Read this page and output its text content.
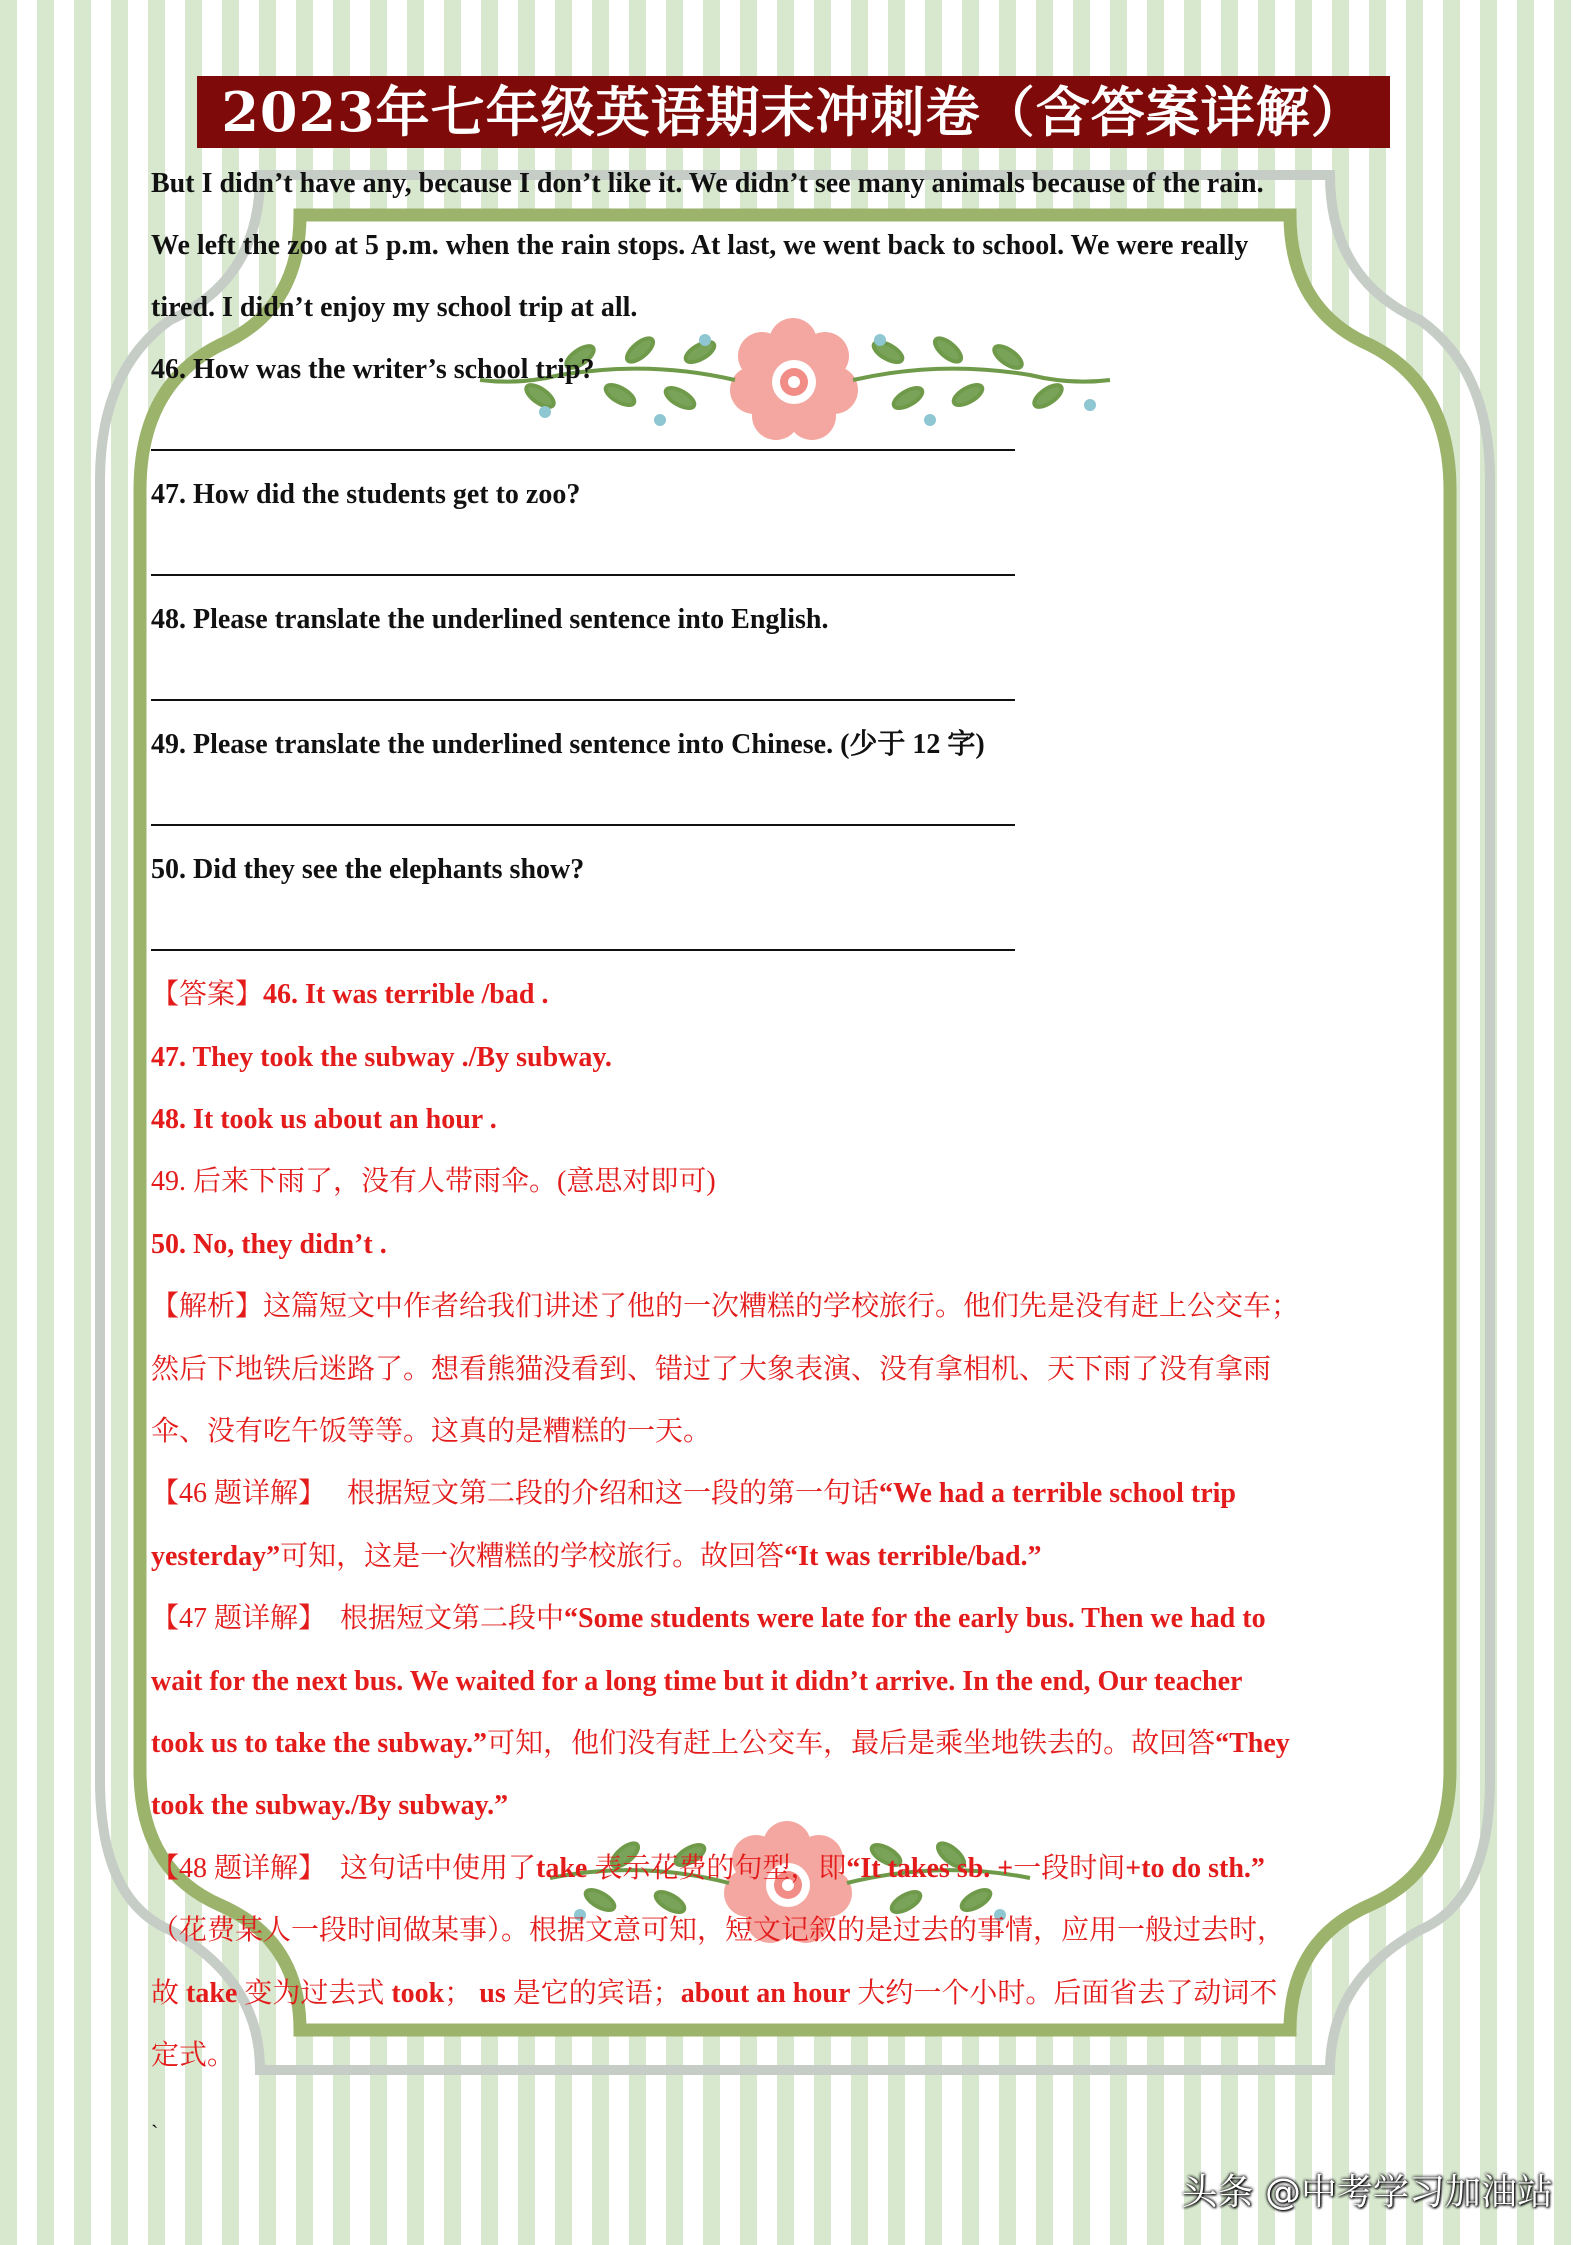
2023年七年级英语期末冲刺卷（含答案详解）
But I didn’t have any, because I don’t like it. We didn’t see many animals because of the rain.
We left the zoo at 5 p.m. when the rain stops. At last, we went back to school. We were really
tired. I didn’t enjoy my school trip at all.
46. How was the writer’s school trip?
47. How did the students get to zoo?
48. Please translate the underlined sentence into English.
49. Please translate the underlined sentence into Chinese. (少于 12 字)
50. Did they see the elephants show?
【答案】46. It was terrible /bad .
47. They took the subway ./By subway.
48. It took us about an hour .
49. 后来下雨了，没有人带雨伞。(意思对即可)
50. No, they didn’t .
【解析】这篇短文中作者给我们讲述了他的一次糟糕的学校旅行。他们先是没有赶上公交车；
然后下地铁后迷路了。想看熊猫没看到、错过了大象表演、没有拿相机、天下雨了没有拿雨
伞、没有吃午饭等等。这真的是糟糕的一天。
【46 题详解】 根据短文第二段的介绍和这一段的第一句话“We had a terrible school trip
yesterday”可知，这是一次糟糕的学校旅行。故回答“It was terrible/bad.”
【47 题详解】 根据短文第二段中“Some students were late for the early bus. Then we had to
wait for the next bus. We waited for a long time but it didn’t arrive. In the end, Our teacher
took us to take the subway.”可知，他们没有赶上公交车，最后是乘坐地铁去的。故回答“They
took the subway./By subway.”
【48 题详解】 这句话中使用了take 表示花费的句型，即“It takes sb. +一段时间+to do sth.”
（花费某人一段时间做某事）。根据文意可知，短文记叙的是过去的事情，应用一般过去时，
故 take 变为过去式 took； us 是它的宾语；about an hour 大约一个小时。后面省去了动词不
定式。
`
头条 @中考学习加油站
